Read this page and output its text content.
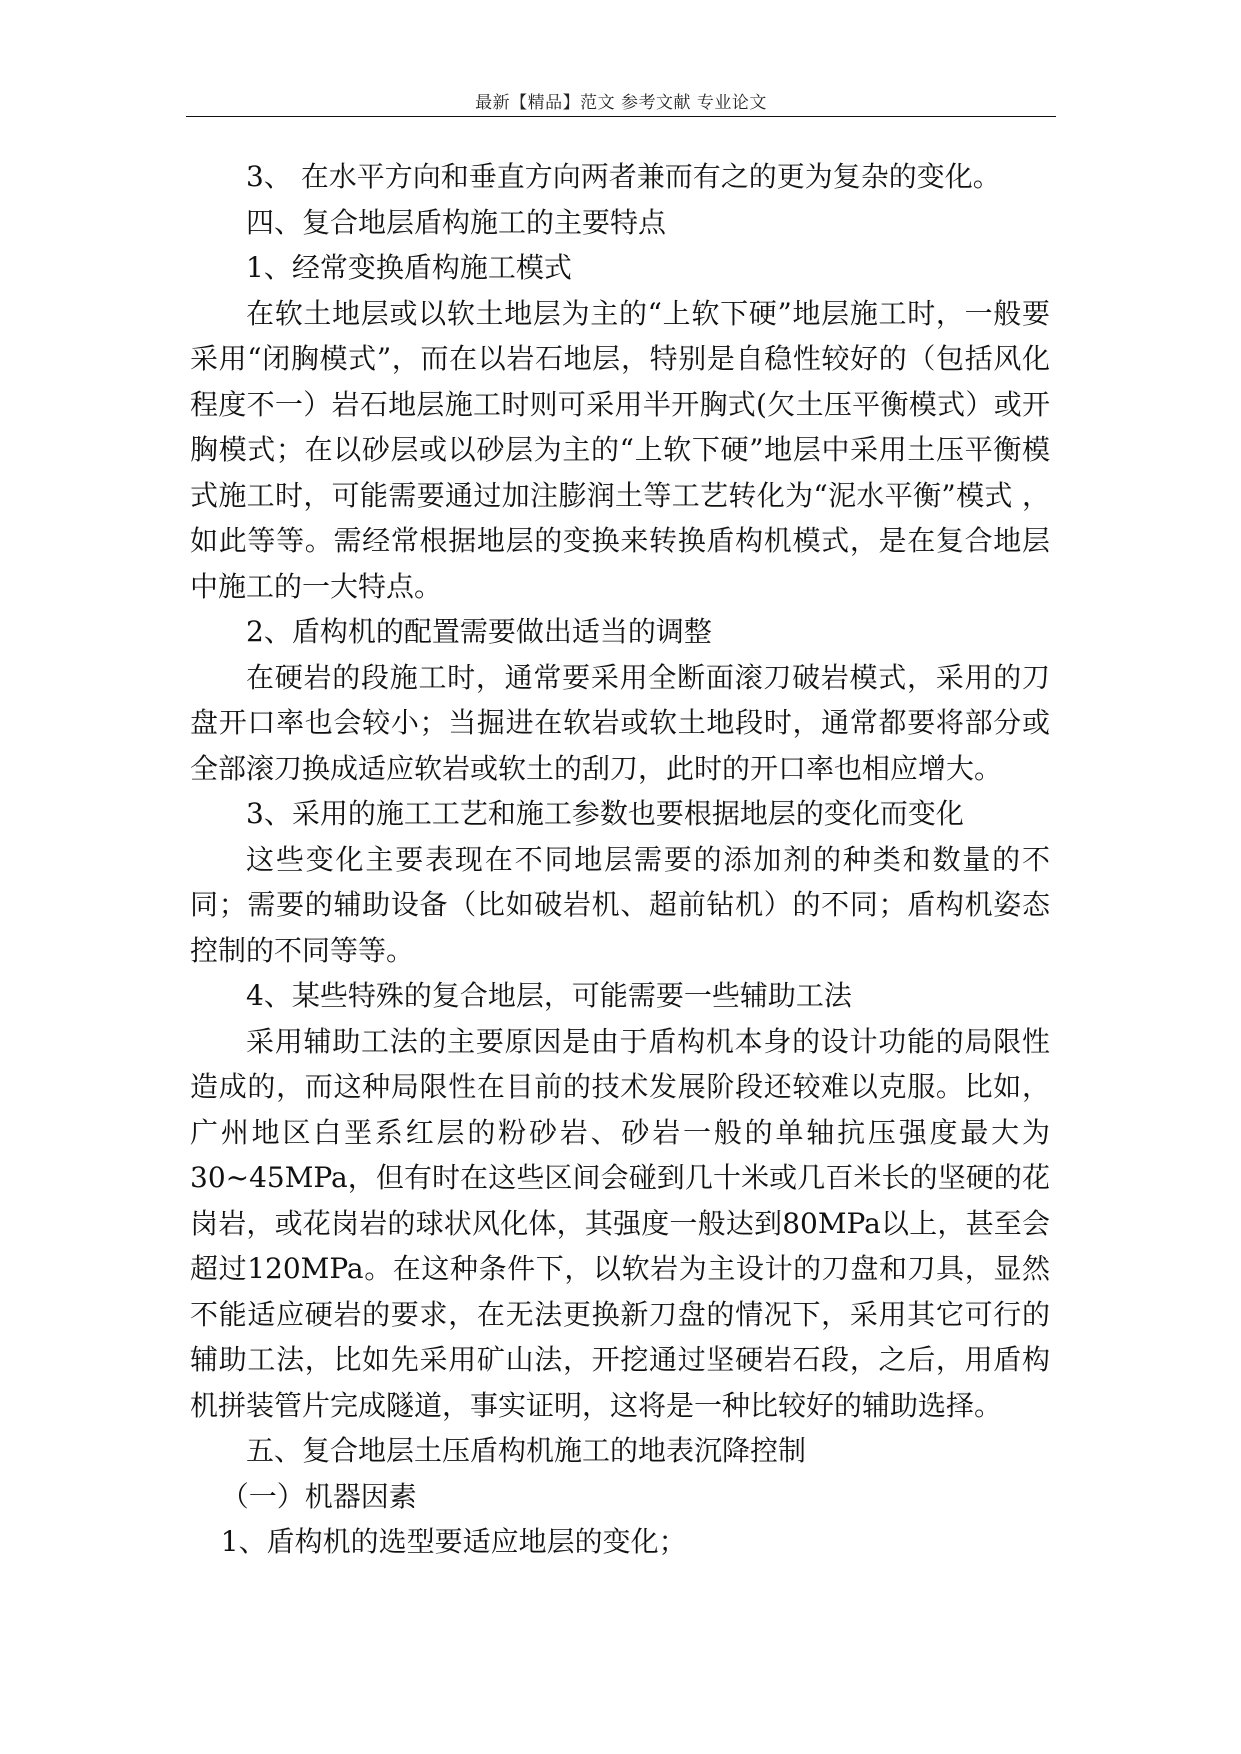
最新【精品】范文 参考文献 专业论文

3、 在水平方向和垂直方向两者兼而有之的更为复杂的变化。

四、复合地层盾构施工的主要特点

1、经常变换盾构施工模式

在软土地层或以软土地层为主的“上软下硬”地层施工时，一般要采用“闭胸模式”，而在以岩石地层，特别是自稳性较好的（包括风化程度不一）岩石地层施工时则可采用半开胸式(欠土压平衡模式）或开胸模式；在以砂层或以砂层为主的“上软下硬”地层中采用土压平衡模式施工时，可能需要通过加注膨润土等工艺转化为“泥水平衡”模式 ，如此等等。需经常根据地层的变换来转换盾构机模式，是在复合地层中施工的一大特点。

2、盾构机的配置需要做出适当的调整

在硬岩的段施工时，通常要采用全断面滚刀破岩模式，采用的刀盘开口率也会较小；当掘进在软岩或软土地段时，通常都要将部分或全部滚刀换成适应软岩或软土的刮刀，此时的开口率也相应增大。

3、采用的施工工艺和施工参数也要根据地层的变化而变化

这些变化主要表现在不同地层需要的添加剂的种类和数量的不同；需要的辅助设备（比如破岩机、超前钻机）的不同；盾构机姿态控制的不同等等。

4、某些特殊的复合地层，可能需要一些辅助工法

采用辅助工法的主要原因是由于盾构机本身的设计功能的局限性造成的，而这种局限性在目前的技术发展阶段还较难以克服。比如，广州地区白垩系红层的粉砂岩、砂岩一般的单轴抗压强度最大为30~45MPa，但有时在这些区间会碰到几十米或几百米长的坚硬的花岗岩，或花岗岩的球状风化体，其强度一般达到80MPa以上，甚至会超过120MPa。在这种条件下，以软岩为主设计的刀盘和刀具，显然不能适应硬岩的要求，在无法更换新刀盘的情况下，采用其它可行的辅助工法，比如先采用矿山法，开挖通过坚硬岩石段，之后，用盾构机拼装管片完成隧道，事实证明，这将是一种比较好的辅助选择。

五、复合地层土压盾构机施工的地表沉降控制

（一）机器因素

1、盾构机的选型要适应地层的变化；
